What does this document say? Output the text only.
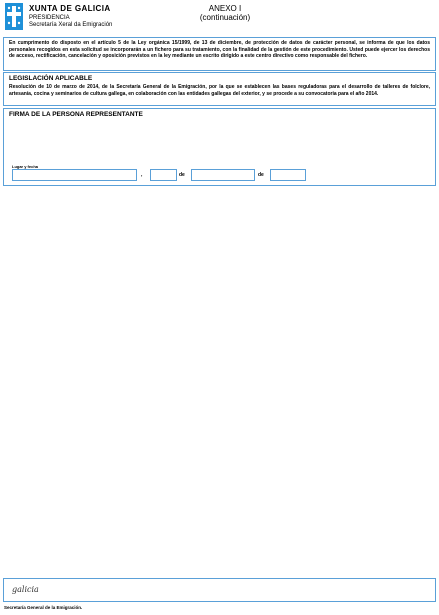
XUNTA DE GALICIA
PRESIDENCIA
Secretaría Xeral da Emigración
ANEXO I
(continuación)

En cumprimento do disposto en el artículo 5 de la Ley orgánica 15/1999, de 13 de diciembre, de protección de datos de carácter personal, se informa de que los datos personales recogidos en esta solicitud se incorporarán a un fichero para su tratamiento, con la finalidad de la gestión de este procedimiento. Usted puede ejercer los derechos de acceso, rectificación, cancelación y oposición previstos en la ley mediante un escrito dirigido a este centro directivo como responsable del fichero.

LEGISLACIÓN APLICABLE

Resolución de 10 de marzo de 2014, de la Secretaría General de la Emigración, por la que se establecen las bases reguladoras para el desarrollo de talleres de folclore, artesanía, cocina y seminarios de cultura gallega, en colaboración con las entidades gallegas del exterior, y se procede a su convocatoria para el año 2014.

FIRMA DE LA PERSONA REPRESENTANTE

Lugar y fecha
,	de	de
galicia
Secretaría General de la Emigración.
